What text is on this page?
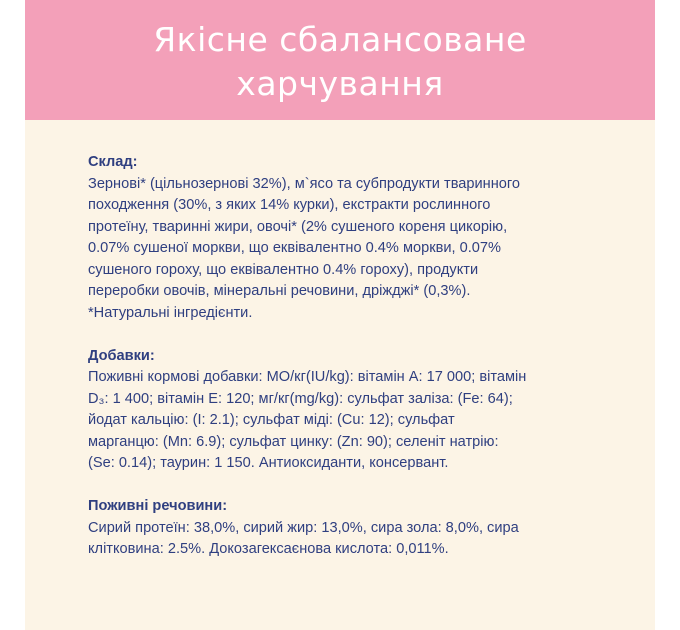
Якісне сбалансоване
харчування

Склад:

Зернові* (цільнозернові 32%), м`ясо та субпродукти тваринного

походження (30%, з яких 14% курки), екстракти рослинного

протеїну, тваринні жири, овочі* (2% сушеного кореня цикорію,

0.07% сушеної моркви, що еквівалентно 0.4% моркви, 0.07%

сушеного гороху, що еквівалентно 0.4% гороху), продукти

переробки овочів, мінеральні речовини, дріжджі* (0,3%).

*Натуральні інгредієнти.

Добавки:

Поживні кормові добавки: МО/кг(IU/kg): вітамін А: 17 000; вітамін

D₃: 1 400; вітамін Е: 120; мг/кг(mg/kg): сульфат заліза: (Fe: 64);

йодат кальцію: (I: 2.1); сульфат міді: (Cu: 12); сульфат

марганцю: (Mn: 6.9); сульфат цинку: (Zn: 90); селеніт натрію:

(Se: 0.14); таурин: 1 150. Антиоксиданти, консервант.

Поживні речовини:

Сирий протеїн: 38,0%, сирий жир: 13,0%, сира зола: 8,0%, сира

клітковина: 2.5%. Докозагексаєнова кислота: 0,011%.
